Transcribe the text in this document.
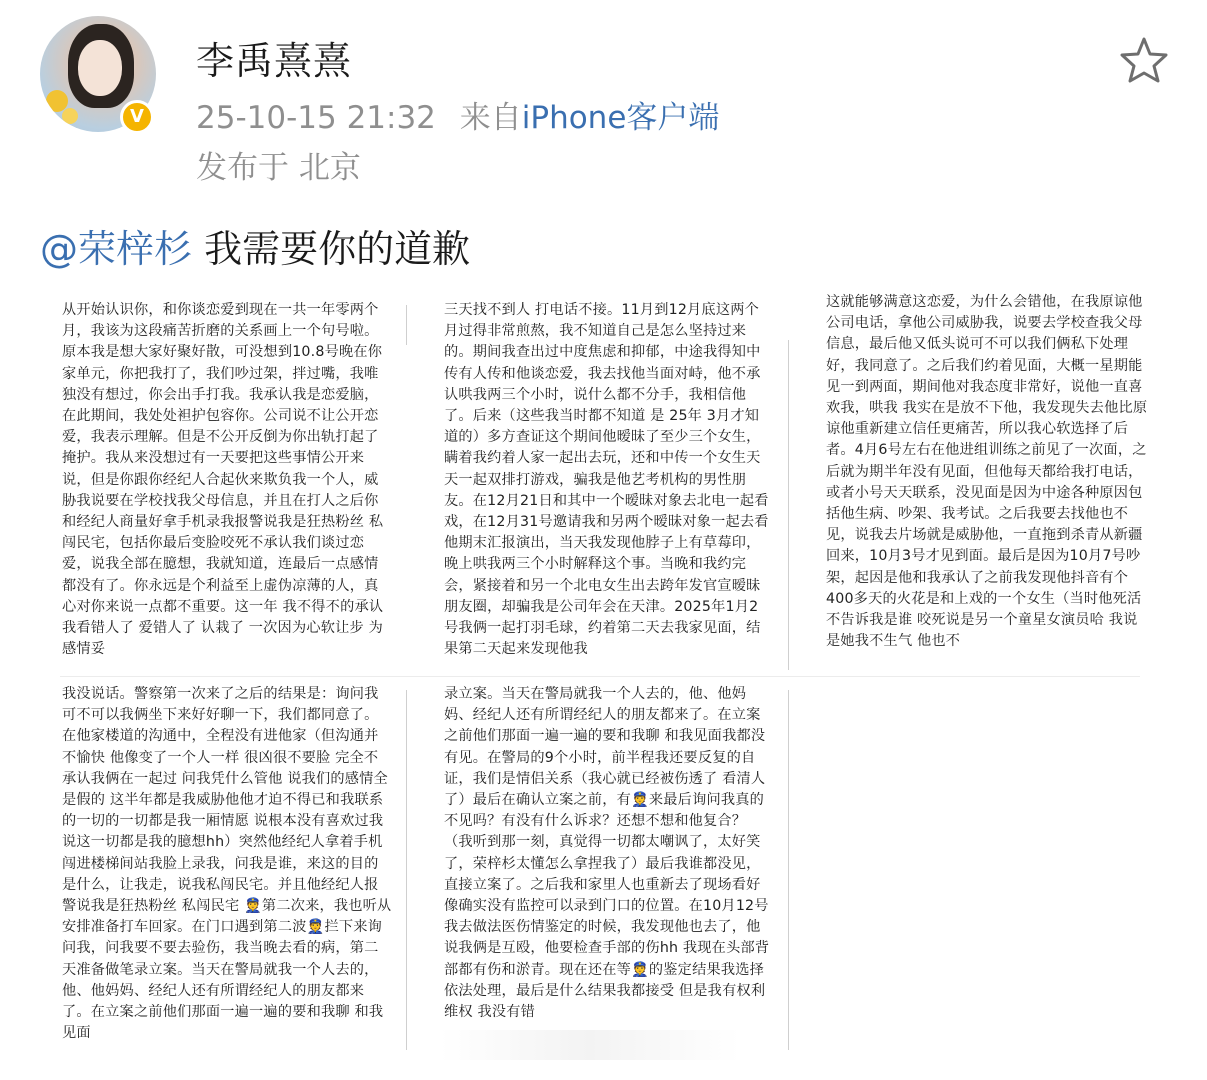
V
李禹熹熹
25-10-15 21:32 来自iPhone客户端
发布于 北京
@荣梓杉 我需要你的道歉

从开始认识你，和你谈恋爱到现在一共一年零两个月，我该为这段痛苦折磨的关系画上一个句号啦。原本我是想大家好聚好散，可没想到10.8号晚在你家单元，你把我打了，我们吵过架，拌过嘴，我唯独没有想过，你会出手打我。我承认我是恋爱脑，在此期间，我处处袒护包容你。公司说不让公开恋爱，我表示理解。但是不公开反倒为你出轨打起了掩护。我从来没想过有一天要把这些事情公开来说，但是你跟你经纪人合起伙来欺负我一个人，威胁我说要在学校找我父母信息，并且在打人之后你和经纪人商量好拿手机录我报警说我是狂热粉丝 私闯民宅，包括你最后变脸咬死不承认我们谈过恋爱，说我全部在臆想，我就知道，连最后一点感情都没有了。你永远是个利益至上虚伪凉薄的人，真心对你来说一点都不重要。这一年 我不得不的承认我看错人了 爱错人了 认栽了 一次因为心软让步 为感情妥

三天找不到人 打电话不接。11月到12月底这两个月过得非常煎熬，我不知道自己是怎么坚持过来的。期间我查出过中度焦虑和抑郁，中途我得知中传有人传和他谈恋爱，我去找他当面对峙，他不承认哄我两三个小时，说什么都不分手，我相信他了。后来（这些我当时都不知道 是 25年 3月才知道的）多方查证这个期间他暧昧了至少三个女生，瞒着我约着人家一起出去玩，还和中传一个女生天天一起双排打游戏，骗我是他艺考机构的男性朋友。在12月21日和其中一个暧昧对象去北电一起看戏，在12月31号邀请我和另两个暧昧对象一起去看他期末汇报演出，当天我发现他脖子上有草莓印，晚上哄我两三个小时解释这个事。当晚和我约完会，紧接着和另一个北电女生出去跨年发官宣暧昧朋友圈，却骗我是公司年会在天津。2025年1月2号我俩一起打羽毛球，约着第二天去我家见面，结果第二天起来发现他我

这就能够满意这恋爱，为什么会错他，在我原谅他公司电话，拿他公司威胁我，说要去学校查我父母信息，最后他又低头说可不可以我们俩私下处理好，我同意了。之后我们约着见面，大概一星期能见一到两面，期间他对我态度非常好，说他一直喜欢我，哄我 我实在是放不下他，我发现失去他比原谅他重新建立信任更痛苦，所以我心软选择了后者。4月6号左右在他进组训练之前见了一次面，之后就为期半年没有见面，但他每天都给我打电话，或者小号天天联系，没见面是因为中途各种原因包括他生病、吵架、我考试。之后我要去找他也不见，说我去片场就是威胁他，一直拖到杀青从新疆回来，10月3号才见到面。最后是因为10月7号吵架，起因是他和我承认了之前我发现他抖音有个400多天的火花是和上戏的一个女生（当时他死活不告诉我是谁 咬死说是另一个童星女演员哈 我说是她我不生气 他也不

我没说话。警察第一次来了之后的结果是：询问我可不可以我俩坐下来好好聊一下，我们都同意了。在他家楼道的沟通中，全程没有进他家（但沟通并不愉快 他像变了一个人一样 很凶很不要脸 完全不承认我俩在一起过 问我凭什么管他 说我们的感情全是假的 这半年都是我威胁他他才迫不得已和我联系的一切的一切都是我一厢情愿 说根本没有喜欢过我 说这一切都是我的臆想hh）突然他经纪人拿着手机闯进楼梯间站我脸上录我，问我是谁，来这的目的是什么，让我走，说我私闯民宅。并且他经纪人报警说我是狂热粉丝 私闯民宅 👮第二次来，我也听从安排准备打车回家。在门口遇到第二波👮拦下来询问我，问我要不要去验伤，我当晚去看的病，第二天准备做笔录立案。当天在警局就我一个人去的，他、他妈妈、经纪人还有所谓经纪人的朋友都来了。在立案之前他们那面一遍一遍的要和我聊 和我见面

录立案。当天在警局就我一个人去的，他、他妈妈、经纪人还有所谓经纪人的朋友都来了。在立案之前他们那面一遍一遍的要和我聊 和我见面我都没有见。在警局的9个小时，前半程我还要反复的自证，我们是情侣关系（我心就已经被伤透了 看清人了）最后在确认立案之前，有👮来最后询问我真的不见吗？有没有什么诉求？还想不想和他复合？（我听到那一刻，真觉得一切都太嘲讽了，太好笑了，荣梓杉太懂怎么拿捏我了）最后我谁都没见，直接立案了。之后我和家里人也重新去了现场看好像确实没有监控可以录到门口的位置。在10月12号我去做法医伤情鉴定的时候，我发现他也去了，他说我俩是互殴，他要检查手部的伤hh 我现在头部背部都有伤和淤青。现在还在等👮的鉴定结果我选择依法处理，最后是什么结果我都接受 但是我有权利维权 我没有错
